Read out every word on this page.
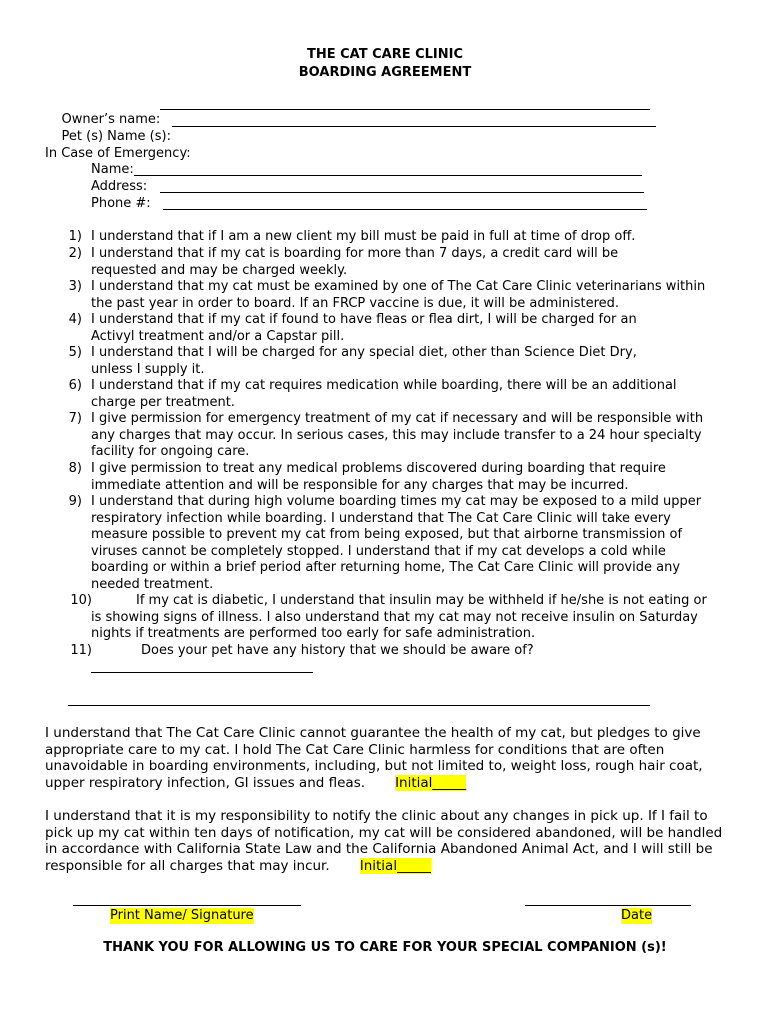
THE CAT CARE CLINIC
BOARDING AGREEMENT

Owner’s name:

Pet (s) Name (s):

In Case of Emergency:
Name:
Address:
Phone #:
1) I understand that if I am a new client my bill must be paid in full at time of drop off.
2) I understand that if my cat is boarding for more than 7 days, a credit card will be requested and may be charged weekly.
3) I understand that my cat must be examined by one of The Cat Care Clinic veterinarians within the past year in order to board. If an FRCP vaccine is due, it will be administered.
4) I understand that if my cat if found to have fleas or flea dirt, I will be charged for an Activyl treatment and/or a Capstar pill.
5) I understand that I will be charged for any special diet, other than Science Diet Dry, unless I supply it.
6) I understand that if my cat requires medication while boarding, there will be an additional charge per treatment.
7) I give permission for emergency treatment of my cat if necessary and will be responsible with any charges that may occur. In serious cases, this may include transfer to a 24 hour specialty facility for ongoing care.
8) I give permission to treat any medical problems discovered during boarding that require immediate attention and will be responsible for any charges that may be incurred.
9) I understand that during high volume boarding times my cat may be exposed to a mild upper respiratory infection while boarding. I understand that The Cat Care Clinic will take every measure possible to prevent my cat from being exposed, but that airborne transmission of viruses cannot be completely stopped. I understand that if my cat develops a cold while boarding or within a brief period after returning home, The Cat Care Clinic will provide any needed treatment.
10)	If my cat is diabetic, I understand that insulin may be withheld if he/she is not eating or is showing signs of illness. I also understand that my cat may not receive insulin on Saturday nights if treatments are performed too early for safe administration.
11)	Does your pet have any history that we should be aware of?
I understand that The Cat Care Clinic cannot guarantee the health of my cat, but pledges to give appropriate care to my cat. I hold The Cat Care Clinic harmless for conditions that are often unavoidable in boarding environments, including, but not limited to, weight loss, rough hair coat, upper respiratory infection, GI issues and fleas. Initial_____
I understand that it is my responsibility to notify the clinic about any changes in pick up. If I fail to pick up my cat within ten days of notification, my cat will be considered abandoned, will be handled in accordance with California State Law and the California Abandoned Animal Act, and I will still be responsible for all charges that may incur. Initial_____
Print Name/ Signature	Date
THANK YOU FOR ALLOWING US TO CARE FOR YOUR SPECIAL COMPANION (s)!
